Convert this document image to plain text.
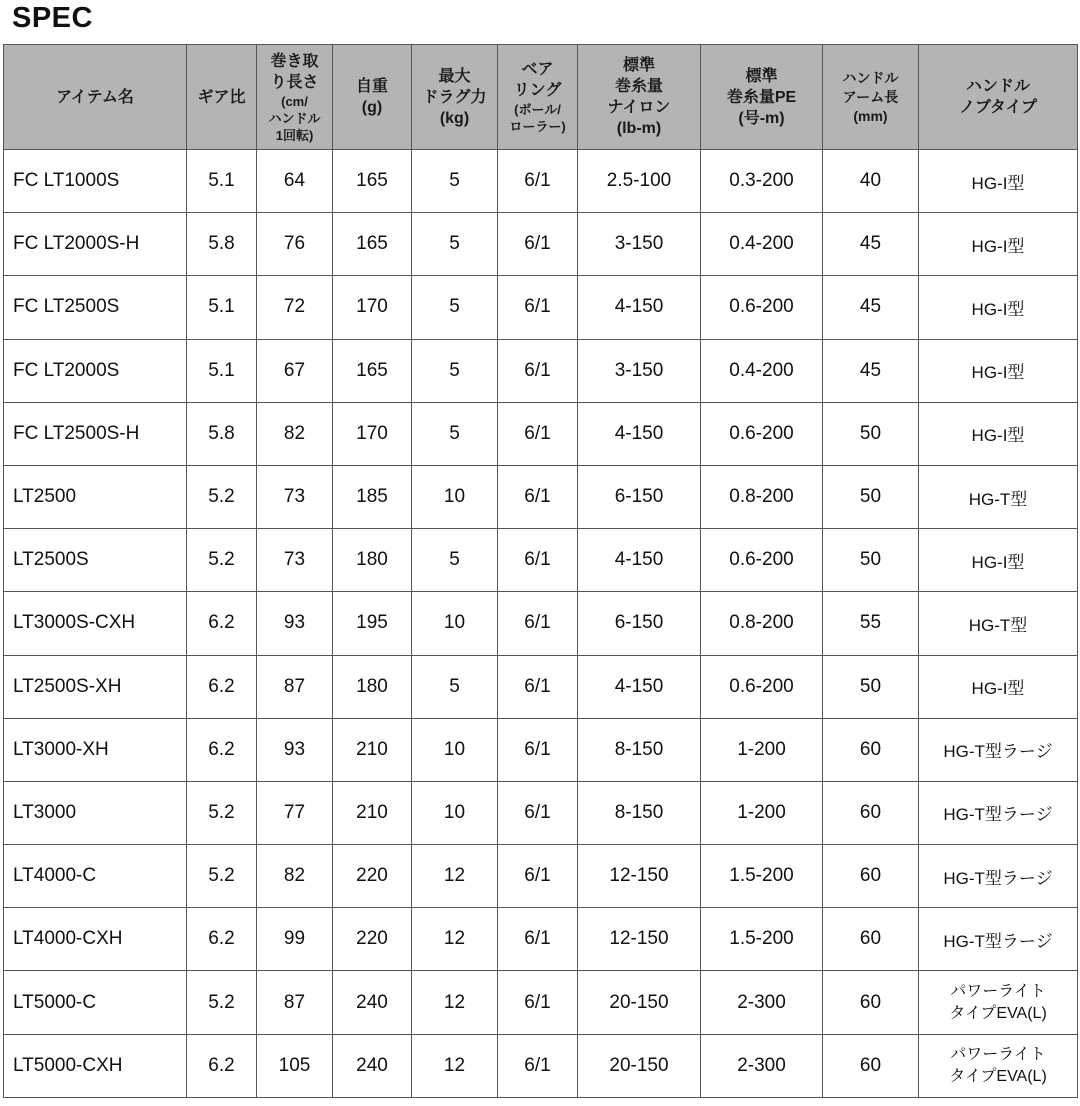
SPEC
アイテム名	ギア比	巻き取
り長さ
(cm/
ハンドル
1回転)	自重
(g)	最大
ドラグ力
(kg)	ベア
リング
(ボール/
ローラー)	標準
巻糸量
ナイロン
(lb-m)	標準
巻糸量PE
(号-m)	ハンドル
アーム長
(mm)	ハンドル
ノブタイプ

FC LT1000S	5.1	64	165	5	6/1	2.5-100	0.3-200	40	HG-I型

FC LT2000S-H	5.8	76	165	5	6/1	3-150	0.4-200	45	HG-I型

FC LT2500S	5.1	72	170	5	6/1	4-150	0.6-200	45	HG-I型

FC LT2000S	5.1	67	165	5	6/1	3-150	0.4-200	45	HG-I型

FC LT2500S-H	5.8	82	170	5	6/1	4-150	0.6-200	50	HG-I型

LT2500	5.2	73	185	10	6/1	6-150	0.8-200	50	HG-T型

LT2500S	5.2	73	180	5	6/1	4-150	0.6-200	50	HG-I型

LT3000S-CXH	6.2	93	195	10	6/1	6-150	0.8-200	55	HG-T型

LT2500S-XH	6.2	87	180	5	6/1	4-150	0.6-200	50	HG-I型

LT3000-XH	6.2	93	210	10	6/1	8-150	1-200	60	HG-T型ラージ

LT3000	5.2	77	210	10	6/1	8-150	1-200	60	HG-T型ラージ

LT4000-C	5.2	82	220	12	6/1	12-150	1.5-200	60	HG-T型ラージ

LT4000-CXH	6.2	99	220	12	6/1	12-150	1.5-200	60	HG-T型ラージ

LT5000-C	5.2	87	240	12	6/1	20-150	2-300	60	パワーライト
タイプEVA(L)

LT5000-CXH	6.2	105	240	12	6/1	20-150	2-300	60	パワーライト
タイプEVA(L)
